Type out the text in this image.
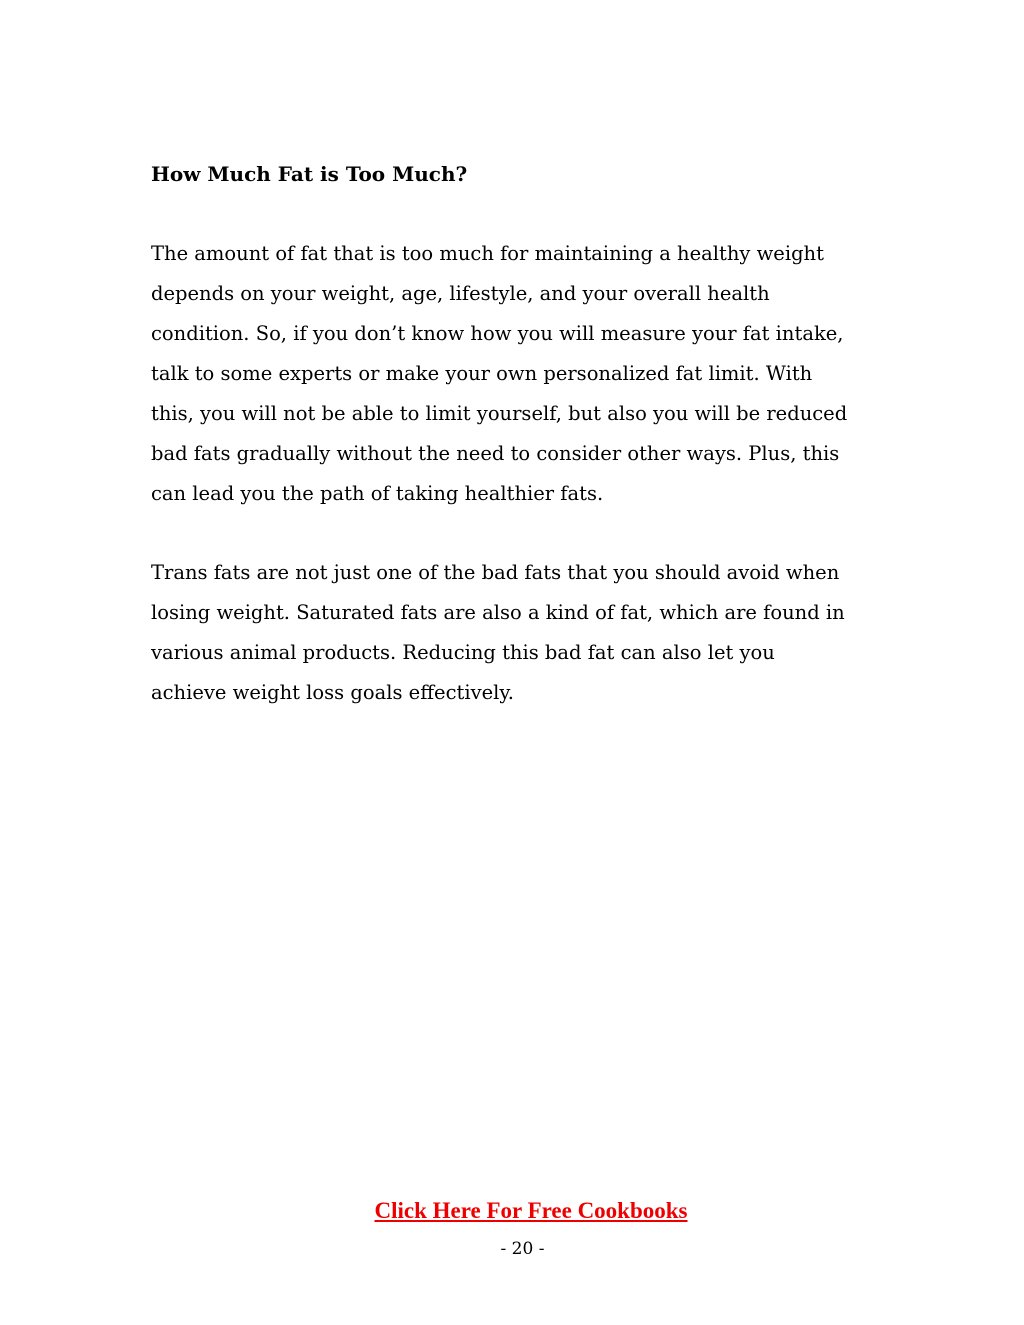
How Much Fat is Too Much?

The amount of fat that is too much for maintaining a healthy weight
depends on your weight, age, lifestyle, and your overall health
condition. So, if you don’t know how you will measure your fat intake,
talk to some experts or make your own personalized fat limit. With
this, you will not be able to limit yourself, but also you will be reduced
bad fats gradually without the need to consider other ways. Plus, this
can lead you the path of taking healthier fats.

Trans fats are not just one of the bad fats that you should avoid when
losing weight. Saturated fats are also a kind of fat, which are found in
various animal products. Reducing this bad fat can also let you
achieve weight loss goals effectively.

Click Here For Free Cookbooks
- 20 -
